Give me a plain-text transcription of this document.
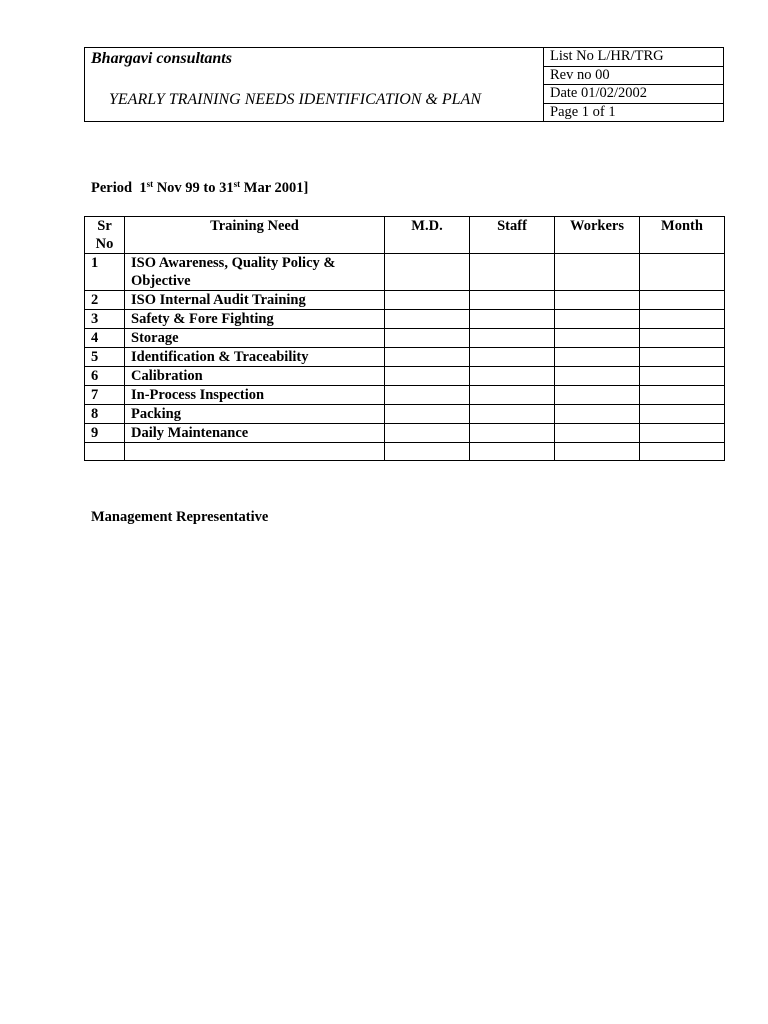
Bhargavi consultants
YEARLY TRAINING NEEDS IDENTIFICATION & PLAN
	List No L/HR/TRG
Rev no 00
Date 01/02/2002
Page 1 of 1
Period 1st Nov 99 to 31st Mar 2001]
Sr No	Training Need	M.D.	Staff	Workers	Month
1	ISO Awareness, Quality Policy & Objective				
2	ISO Internal Audit Training				
3	Safety & Fore Fighting				
4	Storage				
5	Identification & Traceability				
6	Calibration				
7	In-Process Inspection				
8	Packing				
9	Daily Maintenance				

Management Representative
